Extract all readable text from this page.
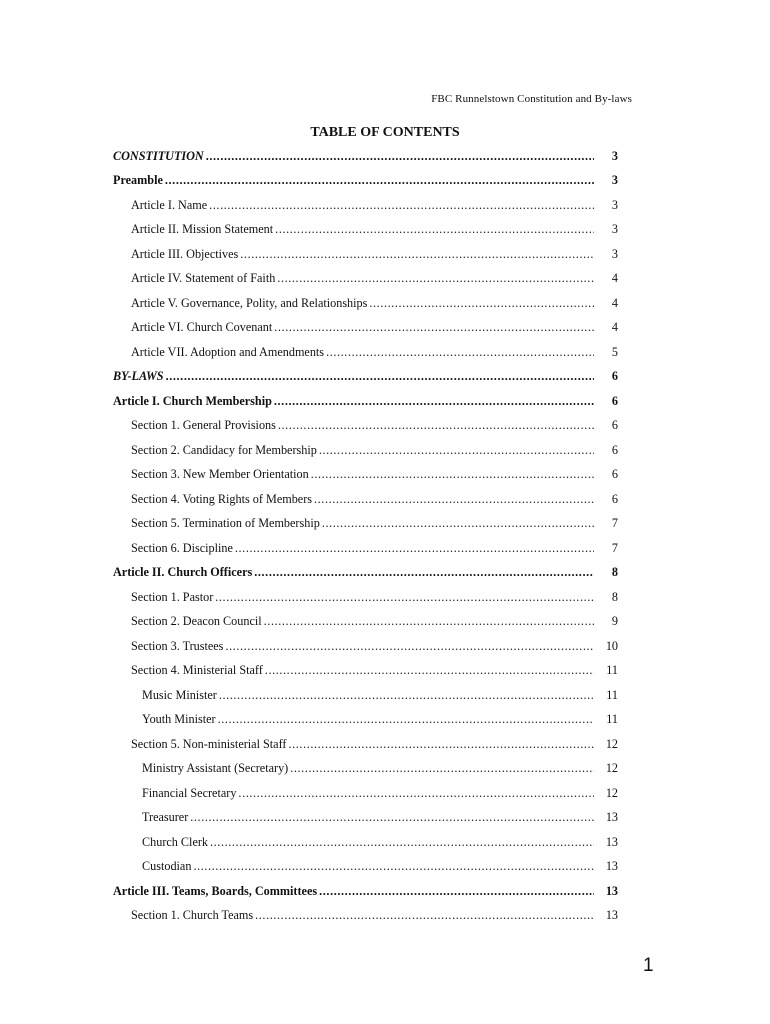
FBC Runnelstown Constitution and By-laws
TABLE OF CONTENTS
CONSTITUTION .....	3
Preamble .....	3
Article I. Name .....	3
Article II. Mission Statement .....	3
Article III. Objectives .....	3
Article IV. Statement of Faith .....	4
Article V. Governance, Polity, and Relationships .....	4
Article VI. Church Covenant .....	4
Article VII. Adoption and Amendments .....	5
BY-LAWS .....	6
Article I. Church Membership .....	6
Section 1. General Provisions .....	6
Section 2. Candidacy for Membership .....	6
Section 3. New Member Orientation .....	6
Section 4. Voting Rights of Members .....	6
Section 5. Termination of Membership .....	7
Section 6. Discipline .....	7
Article II. Church Officers .....	8
Section 1. Pastor .....	8
Section 2. Deacon Council .....	9
Section 3. Trustees .....	10
Section 4. Ministerial Staff .....	11
Music Minister .....	11
Youth Minister .....	11
Section 5. Non-ministerial Staff .....	12
Ministry Assistant (Secretary) .....	12
Financial Secretary .....	12
Treasurer .....	13
Church Clerk .....	13
Custodian .....	13
Article III. Teams, Boards, Committees .....	13
Section 1. Church Teams .....	13
1
